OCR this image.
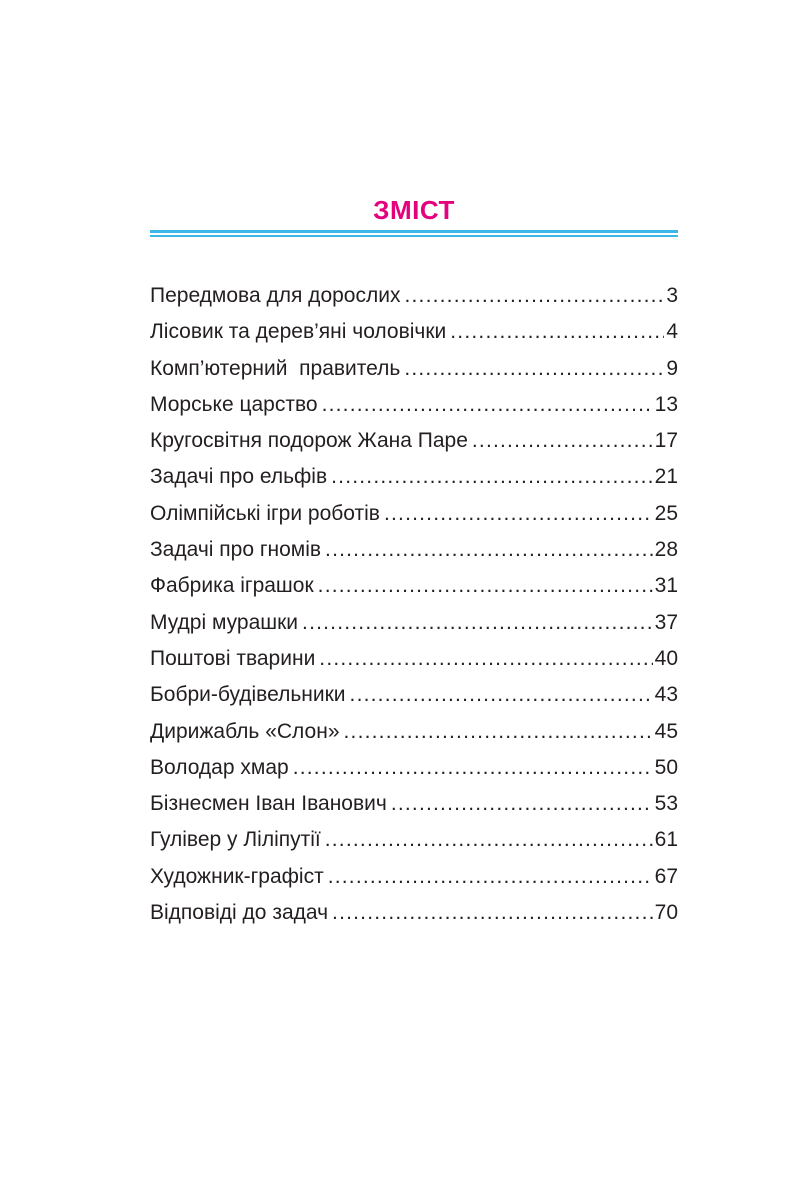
ЗМІСТ
Передмова для дорослих .....	3
Лісовик та дерев’яні чоловічки .....	4
Комп’ютерний  правитель .....	9
Морське царство .....	13
Кругосвітня подорож Жана Паре .....	17
Задачі про ельфів .....	21
Олімпійські ігри роботів .....	25
Задачі про гномів .....	28
Фабрика іграшок .....	31
Мудрі мурашки .....	37
Поштові тварини .....	40
Бобри-будівельники .....	43
Дирижабль «Слон» .....	45
Володар хмар .....	50
Бізнесмен Іван Іванович .....	53
Гулівер у Ліліпутії .....	61
Художник-графіст .....	67
Відповіді до задач .....	70
